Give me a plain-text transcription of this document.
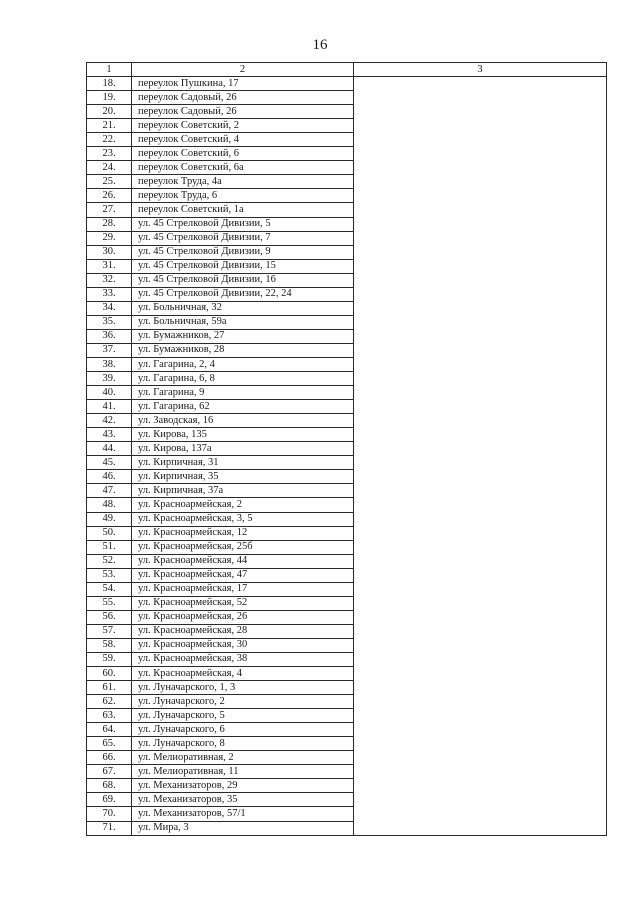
16
1	2	3
18.	переулок Пушкина, 17	
19.	переулок Садовый, 26	
20.	переулок Садовый, 26	
21.	переулок Советский, 2	
22.	переулок Советский, 4	
23.	переулок Советский, 6	
24.	переулок Советский, 6а	
25.	переулок Труда, 4а	
26.	переулок Труда, 6	
27.	переулок Советский, 1а	
28.	ул. 45 Стрелковой Дивизии, 5	
29.	ул. 45 Стрелковой Дивизии, 7	
30.	ул. 45 Стрелковой Дивизии, 9	
31.	ул. 45 Стрелковой Дивизии, 15	
32.	ул. 45 Стрелковой Дивизии, 16	
33.	ул. 45 Стрелковой Дивизии, 22, 24	
34.	ул. Больничная, 32	
35.	ул. Больничная, 59а	
36.	ул. Бумажников, 27	
37.	ул. Бумажников, 28	
38.	ул. Гагарина, 2, 4	
39.	ул. Гагарина, 6, 8	
40.	ул. Гагарина, 9	
41.	ул. Гагарина, 62	
42.	ул. Заводская, 16	
43.	ул. Кирова, 135	
44.	ул. Кирова, 137а	
45.	ул. Кирпичная, 31	
46.	ул. Кирпичная, 35	
47.	ул. Кирпичная, 37а	
48.	ул. Красноармейская, 2	
49.	ул. Красноармейская, 3, 5	
50.	ул. Красноармейская, 12	
51.	ул. Красноармейская, 25б	
52.	ул. Красноармейская, 44	
53.	ул. Красноармейская, 47	
54.	ул. Красноармейская, 17	
55.	ул. Красноармейская, 52	
56.	ул. Красноармейская, 26	
57.	ул. Красноармейская, 28	
58.	ул. Красноармейская, 30	
59.	ул. Красноармейская, 38	
60.	ул. Красноармейская, 4	
61.	ул. Луначарского, 1, 3	
62.	ул. Луначарского, 2	
63.	ул. Луначарского, 5	
64.	ул. Луначарского, 6	
65.	ул. Луначарского, 8	
66.	ул. Мелиоративная, 2	
67.	ул. Мелиоративная, 11	
68.	ул. Механизаторов, 29	
69.	ул. Механизаторов, 35	
70.	ул. Механизаторов, 57/1	
71.	ул. Мира, 3	
